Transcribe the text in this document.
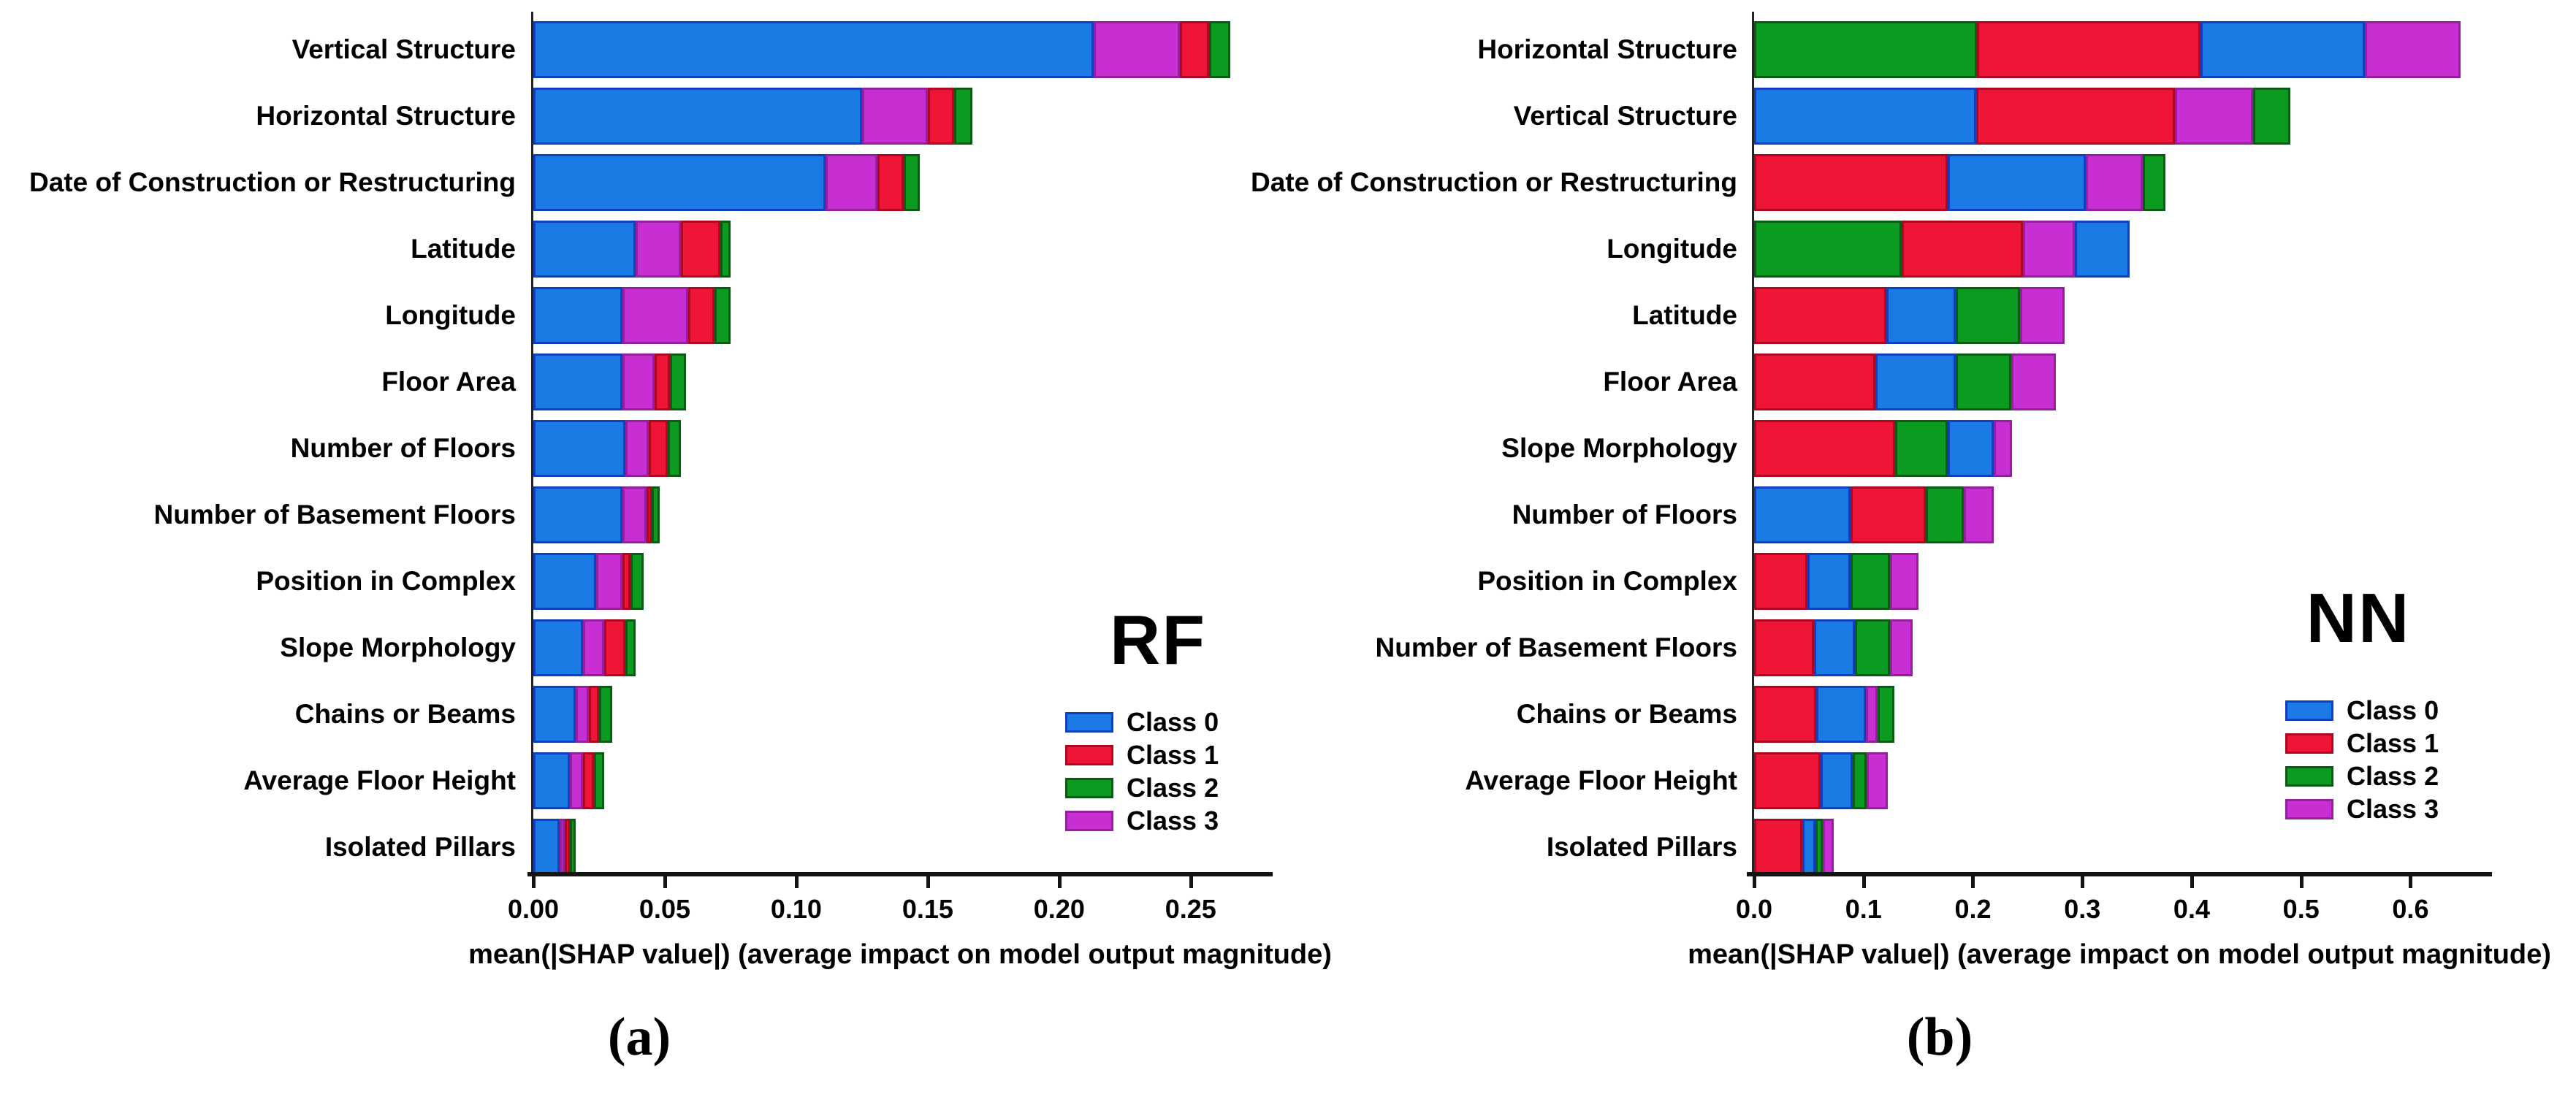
Vertical Structure
Horizontal Structure
Date of Construction or Restructuring
Latitude
Longitude
Floor Area
Number of Floors
Number of Basement Floors
Position in Complex
Slope Morphology
Chains or Beams
Average Floor Height
Isolated Pillars
0.00	0.05	0.10	0.15	0.20	0.25
mean(|SHAP value|) (average impact on model output magnitude)
RF
Class 0
Class 1
Class 2
Class 3
Horizontal Structure
Vertical Structure
Date of Construction or Restructuring
Longitude
Latitude
Floor Area
Slope Morphology
Number of Floors
Position in Complex
Number of Basement Floors
Chains or Beams
Average Floor Height
Isolated Pillars
0.0	0.1	0.2	0.3	0.4	0.5	0.6
mean(|SHAP value|) (average impact on model output magnitude)
NN
Class 0
Class 1
Class 2
Class 3
(a)	(b)
